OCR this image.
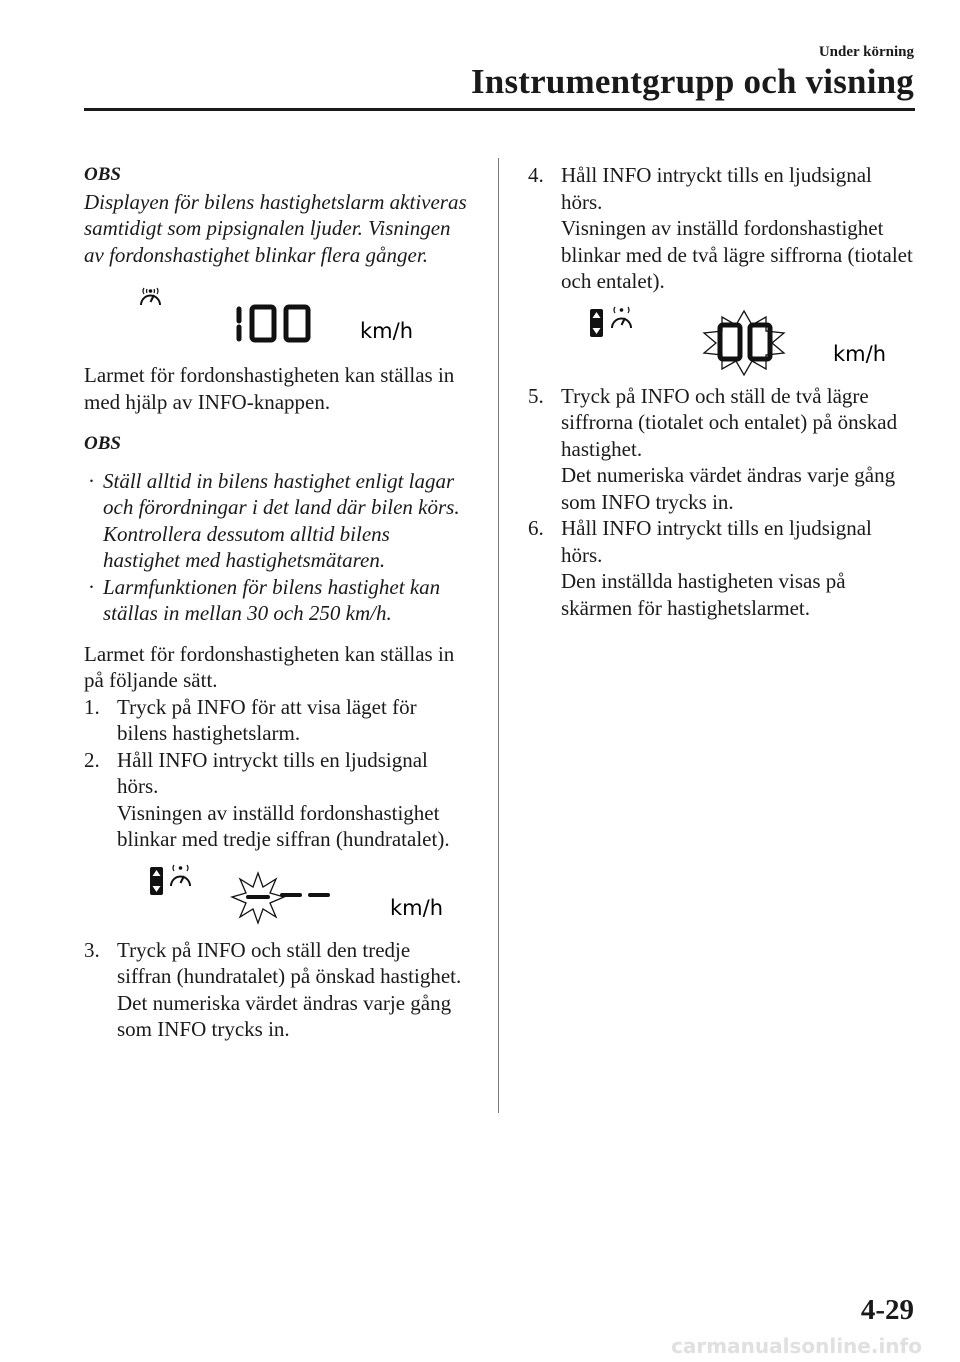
Under körning
Instrumentgrupp och visning

OBS

Displayen för bilens hastighetslarm aktiveras samtidigt som pipsignalen ljuder. Visningen av fordonshastighet blinkar flera gånger.

km/h

Larmet för fordonshastigheten kan ställas in med hjälp av INFO-knappen.

OBS

· Ställ alltid in bilens hastighet enligt lagar och förordningar i det land där bilen körs. Kontrollera dessutom alltid bilens hastighet med hastighetsmätaren.
· Larmfunktionen för bilens hastighet kan ställas in mellan 30 och 250 km/h.

Larmet för fordonshastigheten kan ställas in på följande sätt.

1. Tryck på INFO för att visa läget för bilens hastighetslarm.
2. Håll INFO intryckt tills en ljudsignal hörs.
Visningen av inställd fordonshastighet blinkar med tredje siffran (hundratalet).
km/h
3. Tryck på INFO och ställ den tredje siffran (hundratalet) på önskad hastighet.
Det numeriska värdet ändras varje gång som INFO trycks in.
4. Håll INFO intryckt tills en ljudsignal hörs.
Visningen av inställd fordonshastighet blinkar med de två lägre siffrorna (tiotalet och entalet).
km/h
5. Tryck på INFO och ställ de två lägre siffrorna (tiotalet och entalet) på önskad hastighet.
Det numeriska värdet ändras varje gång som INFO trycks in.
6. Håll INFO intryckt tills en ljudsignal hörs.
Den inställda hastigheten visas på skärmen för hastighetslarmet.
4-29
carmanualsonline.info
